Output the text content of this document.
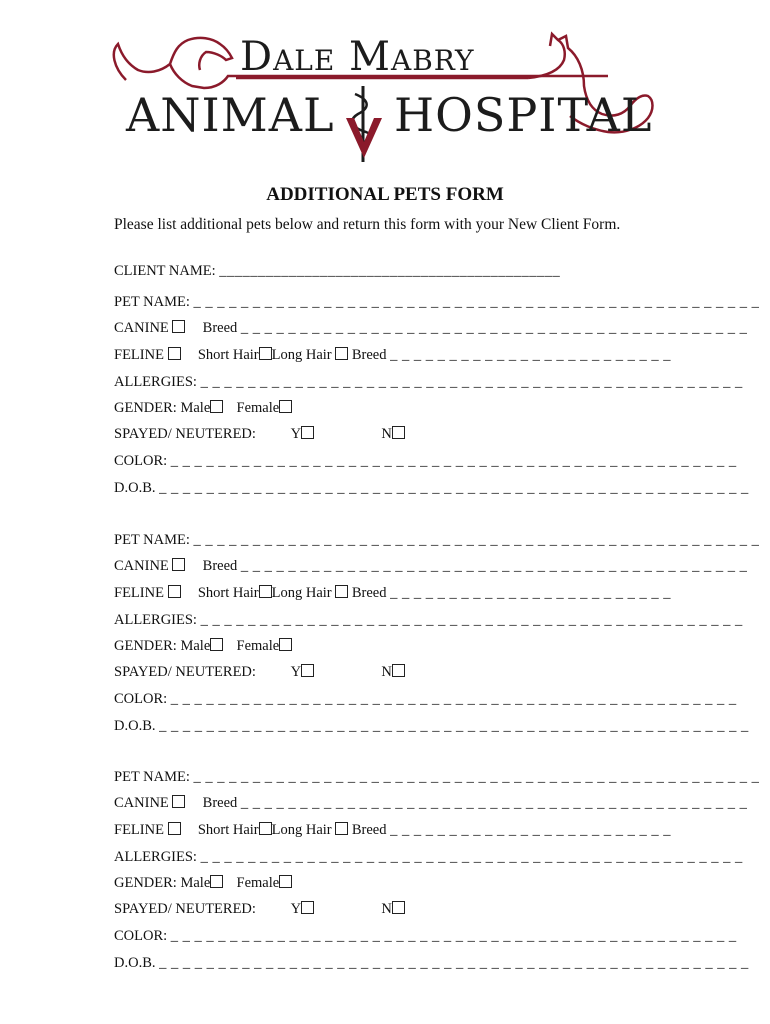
Dale Mabry
ANIMAL HOSPITAL
ADDITIONAL PETS FORM
Please list additional pets below and return this form with your New Client Form.
CLIENT NAME: ____________________________________________
PET NAME: _ _ _ _ _ _ _ _ _ _ _ _ _ _ _ _ _ _ _ _ _ _ _ _ _ _ _ _ _ _ _ _ _ _ _ _ _ _ _ _ _ _ _ _ _ _ _ _
CANINE Breed _ _ _ _ _ _ _ _ _ _ _ _ _ _ _ _ _ _ _ _ _ _ _ _ _ _ _ _ _ _ _ _ _ _ _ _ _ _ _ _ _ _ _
FELINE Short Hair Long Hair Breed _ _ _ _ _ _ _ _ _ _ _ _ _ _ _ _ _ _ _ _ _ _ _ _
ALLERGIES: _ _ _ _ _ _ _ _ _ _ _ _ _ _ _ _ _ _ _ _ _ _ _ _ _ _ _ _ _ _ _ _ _ _ _ _ _ _ _ _ _ _ _ _ _ _
GENDER: Male Female
SPAYED/ NEUTERED: Y	N
COLOR: _ _ _ _ _ _ _ _ _ _ _ _ _ _ _ _ _ _ _ _ _ _ _ _ _ _ _ _ _ _ _ _ _ _ _ _ _ _ _ _ _ _ _ _ _ _ _ _
D.O.B. _ _ _ _ _ _ _ _ _ _ _ _ _ _ _ _ _ _ _ _ _ _ _ _ _ _ _ _ _ _ _ _ _ _ _ _ _ _ _ _ _ _ _ _ _ _ _ _ _ _
PET NAME: _ _ _ _ _ _ _ _ _ _ _ _ _ _ _ _ _ _ _ _ _ _ _ _ _ _ _ _ _ _ _ _ _ _ _ _ _ _ _ _ _ _ _ _ _ _ _ _
CANINE Breed _ _ _ _ _ _ _ _ _ _ _ _ _ _ _ _ _ _ _ _ _ _ _ _ _ _ _ _ _ _ _ _ _ _ _ _ _ _ _ _ _ _ _
FELINE Short Hair Long Hair Breed _ _ _ _ _ _ _ _ _ _ _ _ _ _ _ _ _ _ _ _ _ _ _ _
ALLERGIES: _ _ _ _ _ _ _ _ _ _ _ _ _ _ _ _ _ _ _ _ _ _ _ _ _ _ _ _ _ _ _ _ _ _ _ _ _ _ _ _ _ _ _ _ _ _
GENDER: Male Female
SPAYED/ NEUTERED: Y	N
COLOR: _ _ _ _ _ _ _ _ _ _ _ _ _ _ _ _ _ _ _ _ _ _ _ _ _ _ _ _ _ _ _ _ _ _ _ _ _ _ _ _ _ _ _ _ _ _ _ _
D.O.B. _ _ _ _ _ _ _ _ _ _ _ _ _ _ _ _ _ _ _ _ _ _ _ _ _ _ _ _ _ _ _ _ _ _ _ _ _ _ _ _ _ _ _ _ _ _ _ _ _ _
PET NAME: _ _ _ _ _ _ _ _ _ _ _ _ _ _ _ _ _ _ _ _ _ _ _ _ _ _ _ _ _ _ _ _ _ _ _ _ _ _ _ _ _ _ _ _ _ _ _ _
CANINE Breed _ _ _ _ _ _ _ _ _ _ _ _ _ _ _ _ _ _ _ _ _ _ _ _ _ _ _ _ _ _ _ _ _ _ _ _ _ _ _ _ _ _ _
FELINE Short Hair Long Hair Breed _ _ _ _ _ _ _ _ _ _ _ _ _ _ _ _ _ _ _ _ _ _ _ _
ALLERGIES: _ _ _ _ _ _ _ _ _ _ _ _ _ _ _ _ _ _ _ _ _ _ _ _ _ _ _ _ _ _ _ _ _ _ _ _ _ _ _ _ _ _ _ _ _ _
GENDER: Male Female
SPAYED/ NEUTERED: Y	N
COLOR: _ _ _ _ _ _ _ _ _ _ _ _ _ _ _ _ _ _ _ _ _ _ _ _ _ _ _ _ _ _ _ _ _ _ _ _ _ _ _ _ _ _ _ _ _ _ _ _
D.O.B. _ _ _ _ _ _ _ _ _ _ _ _ _ _ _ _ _ _ _ _ _ _ _ _ _ _ _ _ _ _ _ _ _ _ _ _ _ _ _ _ _ _ _ _ _ _ _ _ _ _
